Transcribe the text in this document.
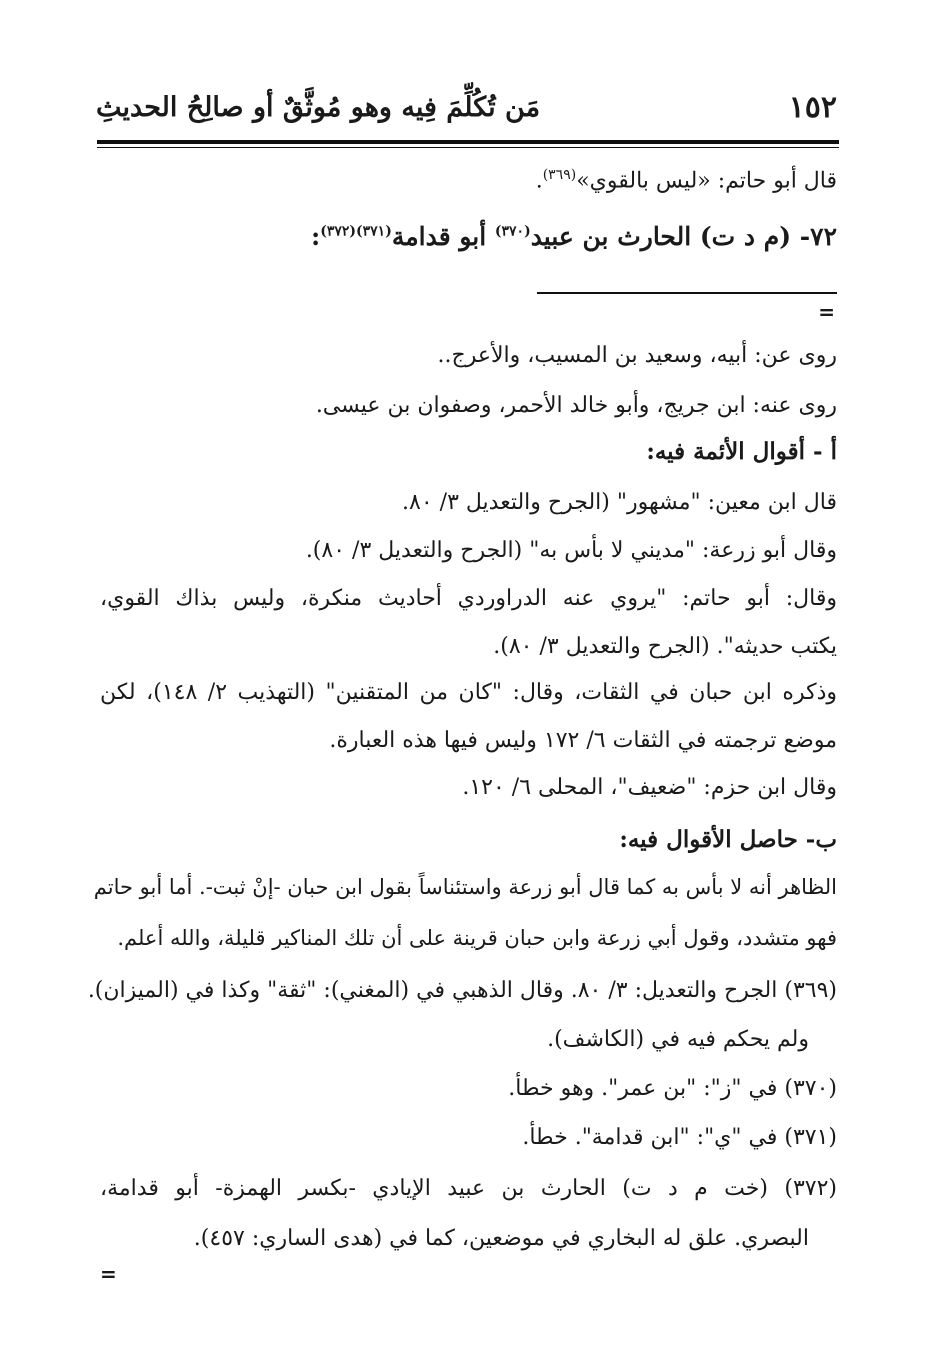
١٥٢
مَن تُكُلِّمَ فِيه وهو مُوثَّقٌ أو صالِحُ الحديثِ
قال أبو حاتم: «ليس بالقوي»$^{(٣٦٩)}$.
٧٢- (م د ت) الحارث بن عبيد$^{(٣٧٠)}$ أبو قدامة$^{(٣٧١)(٣٧٢)}$:
=
روى عن: أبيه، وسعيد بن المسيب، والأعرج..
روى عنه: ابن جريج، وأبو خالد الأحمر، وصفوان بن عيسى.
أ - أقوال الأئمة فيه:
قال ابن معين: "مشهور" (الجرح والتعديل ٣/ ٨٠.
وقال أبو زرعة: "مديني لا بأس به" (الجرح والتعديل ٣/ ٨٠).
وقال: أبو حاتم: "يروي عنه الدراوردي أحاديث منكرة، وليس بذاك القوي،
يكتب حديثه". (الجرح والتعديل ٣/ ٨٠).
وذكره ابن حبان في الثقات، وقال: "كان من المتقنين" (التهذيب ٢/ ١٤٨)، لكن
موضع ترجمته في الثقات ٦/ ١٧٢ وليس فيها هذه العبارة.
وقال ابن حزم: "ضعيف"، المحلى ٦/ ١٢٠.
ب- حاصل الأقوال فيه:
الظاهر أنه لا بأس به كما قال أبو زرعة واستئناساً بقول ابن حبان -إنْ ثبت-. أما أبو حاتم
فهو متشدد، وقول أبي زرعة وابن حبان قرينة على أن تلك المناكير قليلة، والله أعلم.
(٣٦٩) الجرح والتعديل: ٣/ ٨٠. وقال الذهبي في (المغني): "ثقة" وكذا في (الميزان).
ولم يحكم فيه في (الكاشف).
(٣٧٠) في "ز": "بن عمر". وهو خطأ.
(٣٧١) في "ي": "ابن قدامة". خطأ.
(٣٧٢) (خت م د ت) الحارث بن عبيد الإيادي -بكسر الهمزة- أبو قدامة،
البصري. علق له البخاري في موضعين، كما في (هدى الساري: ٤٥٧).
=
